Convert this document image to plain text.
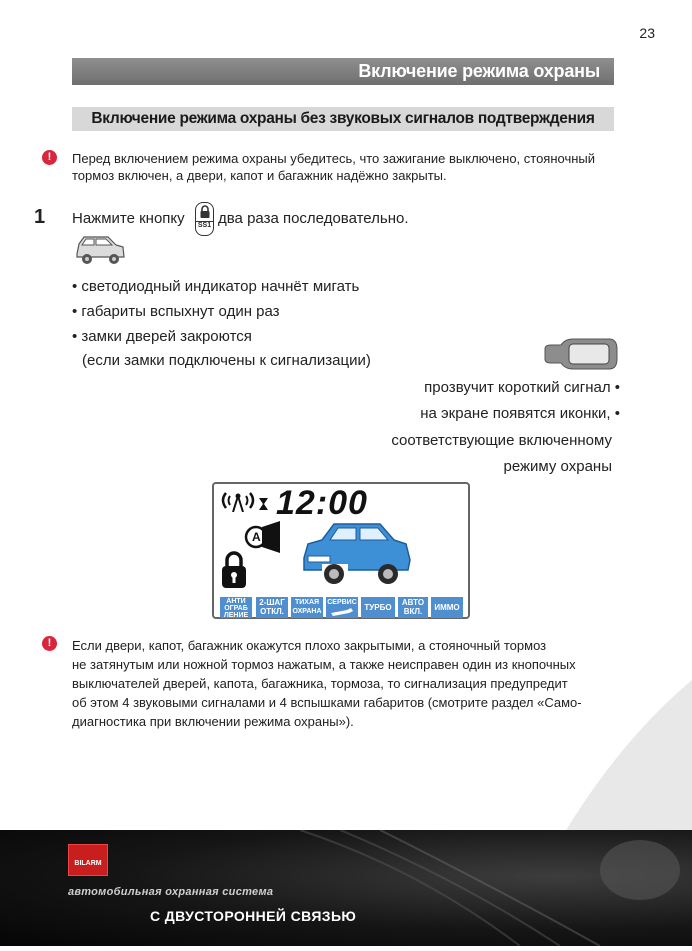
23
Включение режима охраны
Включение режима охраны без звуковых сигналов подтверждения
!	Перед включением режима охраны убедитесь, что зажигание выключено, стояночный
тормоз включен, а двери, капот и багажник надёжно закрыты.
1 Нажмите кнопку SS1 два раза последовательно.
• светодиодный индикатор начнёт мигать
• габариты вспыхнут один раз
• замки дверей закроются
(если замки подключены к сигнализации)
прозвучит короткий сигнал •
на экране появятся иконки, •
соответствующие включенному
режиму охраны
12:00
A
АНТИ
ОГРАБ
ЛЕНИЕ
2-ШАГ
ОТКЛ.
ТИХАЯ
ОХРАНА
СЕРВИС
ТУРБО
АВТО
ВКЛ.	ИММО
!	Если двери, капот, багажник окажутся плохо закрытыми, а стояночный тормоз
не затянутым или ножной тормоз нажатым, а также неисправен один из кнопочных
выключателей дверей, капота, багажника, тормоза, то сигнализация предупредит
об этом 4 звуковыми сигналами и 4 вспышками габаритов (смотрите раздел «Само-
диагностика при включении режима охраны»).
BILARM
автомобильная охранная система
С ДВУСТОРОННЕЙ СВЯЗЬЮ
